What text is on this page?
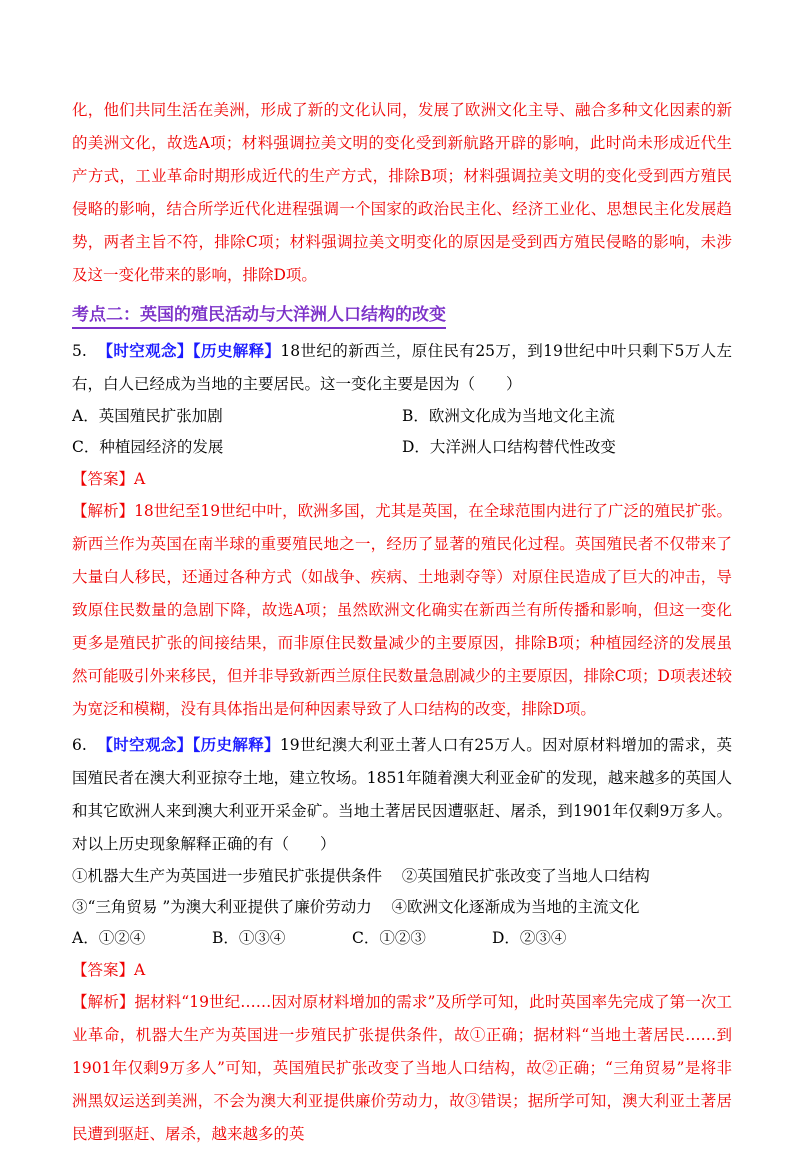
化，他们共同生活在美洲，形成了新的文化认同，发展了欧洲文化主导、融合多种文化因素的新的美洲文化，故选A项；材料强调拉美文明的变化受到新航路开辟的影响，此时尚未形成近代生产方式，工业革命时期形成近代的生产方式，排除B项；材料强调拉美文明的变化受到西方殖民侵略的影响，结合所学近代化进程强调一个国家的政治民主化、经济工业化、思想民主化发展趋势，两者主旨不符，排除C项；材料强调拉美文明变化的原因是受到西方殖民侵略的影响，未涉及这一变化带来的影响，排除D项。
考点二：英国的殖民活动与大洋洲人口结构的改变
5. 【时空观念】【历史解释】18世纪的新西兰，原住民有25万，到19世纪中叶只剩下5万人左右，白人已经成为当地的主要居民。这一变化主要是因为（　　）
A．英国殖民扩张加剧	B．欧洲文化成为当地文化主流
C．种植园经济的发展	D．大洋洲人口结构替代性改变
【答案】A
【解析】18世纪至19世纪中叶，欧洲多国，尤其是英国，在全球范围内进行了广泛的殖民扩张。新西兰作为英国在南半球的重要殖民地之一，经历了显著的殖民化过程。英国殖民者不仅带来了大量白人移民，还通过各种方式（如战争、疾病、土地剥夺等）对原住民造成了巨大的冲击，导致原住民数量的急剧下降，故选A项；虽然欧洲文化确实在新西兰有所传播和影响，但这一变化更多是殖民扩张的间接结果，而非原住民数量减少的主要原因，排除B项；种植园经济的发展虽然可能吸引外来移民，但并非导致新西兰原住民数量急剧减少的主要原因，排除C项；D项表述较为宽泛和模糊，没有具体指出是何种因素导致了人口结构的改变，排除D项。
6. 【时空观念】【历史解释】19世纪澳大利亚土著人口有25万人。因对原材料增加的需求，英国殖民者在澳大利亚掠夺土地，建立牧场。1851年随着澳大利亚金矿的发现，越来越多的英国人和其它欧洲人来到澳大利亚开采金矿。当地土著居民因遭驱赶、屠杀，到1901年仅剩9万多人。对以上历史现象解释正确的有（　　）
①机器大生产为英国进一步殖民扩张提供条件 ②英国殖民扩张改变了当地人口结构
③“三角贸易 ”为澳大利亚提供了廉价劳动力 ④欧洲文化逐渐成为当地的主流文化
A．①②④	B．①③④	C．①②③	D．②③④
【答案】A
【解析】据材料“19世纪……因对原材料增加的需求”及所学可知，此时英国率先完成了第一次工业革命，机器大生产为英国进一步殖民扩张提供条件，故①正确；据材料“当地土著居民……到1901年仅剩9万多人”可知，英国殖民扩张改变了当地人口结构，故②正确；“三角贸易”是将非洲黑奴运送到美洲，不会为澳大利亚提供廉价劳动力，故③错误；据所学可知，澳大利亚土著居民遭到驱赶、屠杀，越来越多的英
